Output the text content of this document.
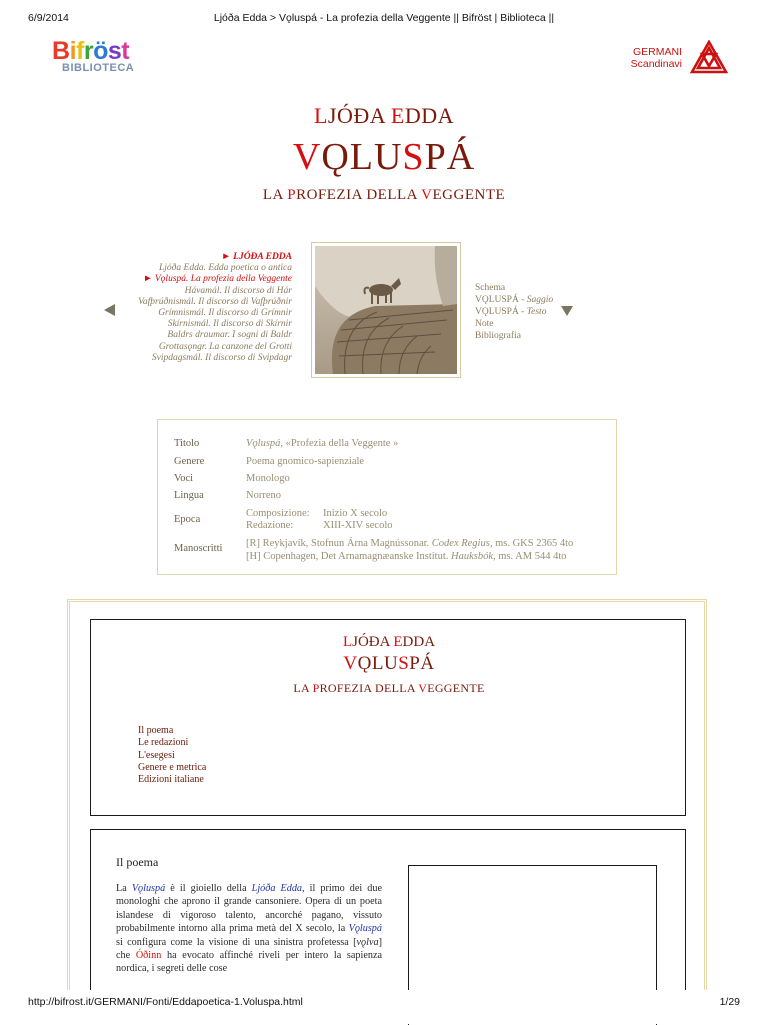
6/9/2014	Ljóða Edda > Vǫluspá - La profezia della Veggente || Bifröst | Biblioteca ||
Bifröst
BIBLIOTECA
GERMANI
Scandinavi
LJÓÐA EDDA
VǪLUSPÁ
LA PROFEZIA DELLA VEGGENTE
► LJÓÐA EDDA
Ljóða Edda. Edda poetica o antica
► Vǫluspá. La profezia della Veggente
Hávamál. Il discorso di Hár
Vafþrúðnismál. Il discorso di Vafþrúðnir
Grímnismál. Il discorso di Grímnir
Skírnismál. Il discorso di Skírnir
Baldrs draumar. I sogni di Baldr
Grottasǫngr. La canzone del Grotti
Svipdagsmál. Il discorso di Svipdagr
Schema
VǪLUSPÁ - Saggio
VǪLUSPÁ - Testo
Note
Bibliografia
Titolo	Vǫluspá, «Profezia della Veggente »
Genere	Poema gnomico-sapienziale
Voci	Monologo
Lingua	Norreno
Epoca
Composizione: Inizio X secolo
Redazione:	XIII-XIV secolo
Manoscritti	[R] Reykjavík, Stofnun Árna Magnússonar. Codex Regius, ms. GKS 2365 4to
[H] Copenhagen, Det Arnamagnæanske Institut. Hauksbók, ms. AM 544 4to
LJÓÐA EDDA
VǪLUSPÁ
LA PROFEZIA DELLA VEGGENTE
Il poema
Le redazioni
L'esegesi
Genere e metrica
Edizioni italiane
Il poema
La Vǫluspá è il gioiello della Ljóða Edda, il primo dei due monologhi che aprono il grande cansoniere. Opera di un poeta islandese di vigoroso talento, ancorché pagano, vissuto probabilmente intorno alla prima metà del X secolo, la Vǫluspá si configura come la visione di una sinistra profetessa [vǫlva] che Óðinn ha evocato affinché riveli per intero la sapienza nordica, i segreti delle cose
http://bifrost.it/GERMANI/Fonti/Eddapoetica-1.Voluspa.html	1/29
